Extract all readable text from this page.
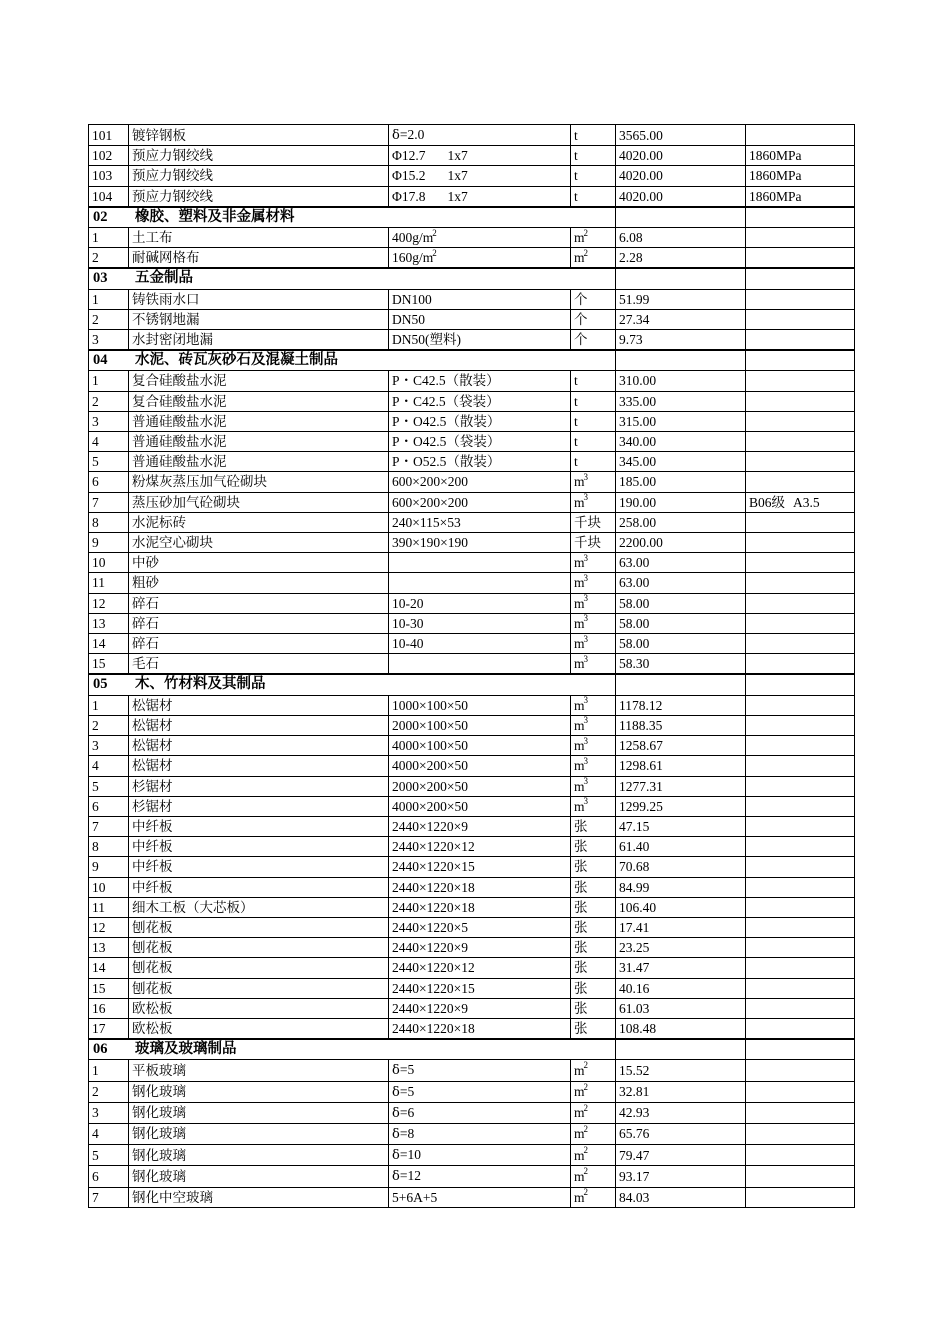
101	镀锌钢板	δ=2.0	t	3565.00	
102	预应力钢绞线	Φ12.7 1x7	t	4020.00	1860MPa
103	预应力钢绞线	Φ15.2 1x7	t	4020.00	1860MPa
104	预应力钢绞线	Φ17.8 1x7	t	4020.00	1860MPa
02 橡胶、塑料及非金属材料					
1	土工布	$400g/m^2$	$m^2$	6.08	
2	耐碱网格布	$160g/m^2$	$m^2$	2.28	
03 五金制品					
1	铸铁雨水口	DN100	个	51.99	
2	不锈钢地漏	DN50	个	27.34	
3	水封密闭地漏	DN50(塑料)	个	9.73	
04 水泥、砖瓦灰砂石及混凝土制品					
1	复合硅酸盐水泥	P・C42.5（散装）	t	310.00	
2	复合硅酸盐水泥	P・C42.5（袋装）	t	335.00	
3	普通硅酸盐水泥	P・O42.5（散装）	t	315.00	
4	普通硅酸盐水泥	P・O42.5（袋装）	t	340.00	
5	普通硅酸盐水泥	P・O52.5（散装）	t	345.00	
6	粉煤灰蒸压加气砼砌块	600×200×200	$m^3$	185.00	
7	蒸压砂加气砼砌块	600×200×200	$m^3$	190.00	B06级 A3.5
8	水泥标砖	240×115×53	千块	258.00	
9	水泥空心砌块	390×190×190	千块	2200.00	
10	中砂		$m^3$	63.00	
11	粗砂		$m^3$	63.00	
12	碎石	10-20	$m^3$	58.00	
13	碎石	10-30	$m^3$	58.00	
14	碎石	10-40	$m^3$	58.00	
15	毛石		$m^3$	58.30	
05 木、竹材料及其制品					
1	松锯材	1000×100×50	$m^3$	1178.12	
2	松锯材	2000×100×50	$m^3$	1188.35	
3	松锯材	4000×100×50	$m^3$	1258.67	
4	松锯材	4000×200×50	$m^3$	1298.61	
5	杉锯材	2000×200×50	$m^3$	1277.31	
6	杉锯材	4000×200×50	$m^3$	1299.25	
7	中纤板	2440×1220×9	张	47.15	
8	中纤板	2440×1220×12	张	61.40	
9	中纤板	2440×1220×15	张	70.68	
10	中纤板	2440×1220×18	张	84.99	
11	细木工板（大芯板）	2440×1220×18	张	106.40	
12	刨花板	2440×1220×5	张	17.41	
13	刨花板	2440×1220×9	张	23.25	
14	刨花板	2440×1220×12	张	31.47	
15	刨花板	2440×1220×15	张	40.16	
16	欧松板	2440×1220×9	张	61.03	
17	欧松板	2440×1220×18	张	108.48	
06 玻璃及玻璃制品					
1	平板玻璃	δ=5	$m^2$	15.52	
2	钢化玻璃	δ=5	$m^2$	32.81	
3	钢化玻璃	δ=6	$m^2$	42.93	
4	钢化玻璃	δ=8	$m^2$	65.76	
5	钢化玻璃	δ=10	$m^2$	79.47	
6	钢化玻璃	δ=12	$m^2$	93.17	
7	钢化中空玻璃	5+6A+5	$m^2$	84.03	
